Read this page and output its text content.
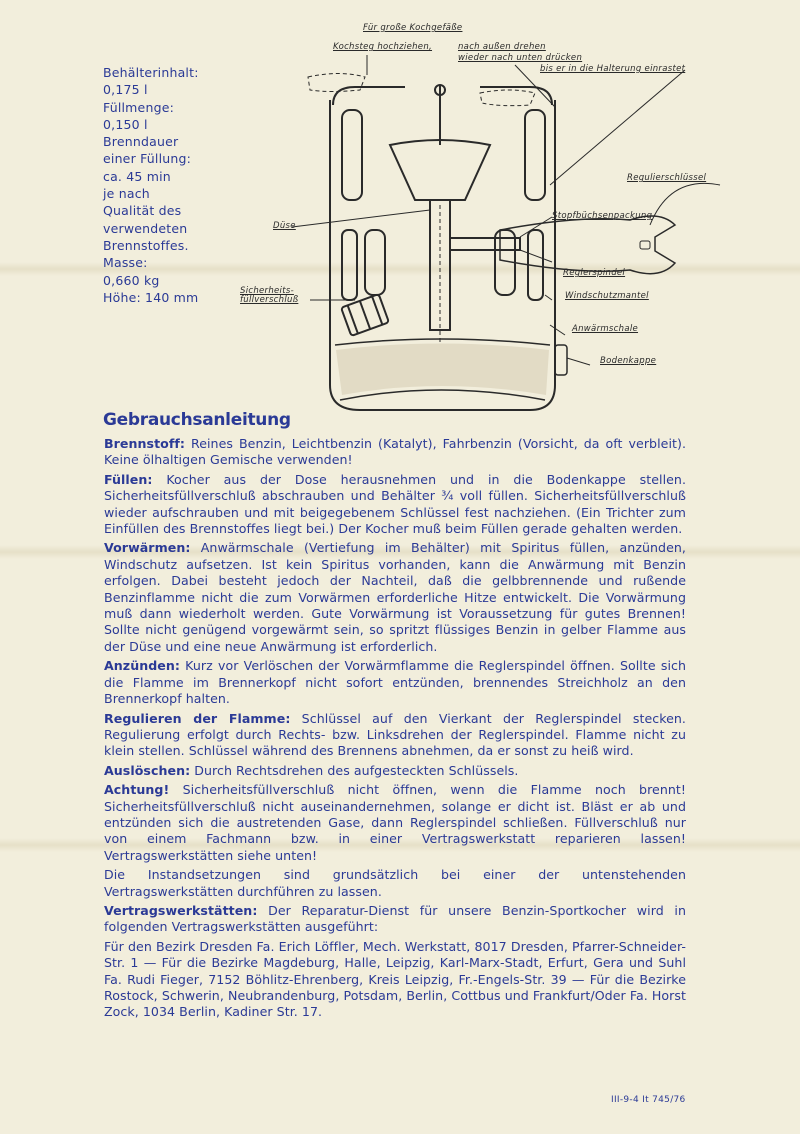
Behälterinhalt:
0,175 l
Füllmenge:
0,150 l
Brenndauer
einer Füllung:
ca. 45 min
je nach
Qualität des
verwendeten
Brennstoffes.
Masse:
0,660 kg
Höhe: 140 mm
Für große Kochgefäße
Kochsteg hochziehen,	nach außen drehen
wieder nach unten drücken
bis er in die Halterung einrastet
Regulierschlüssel
Stopfbüchsenpackung
Düse
Reglerspindel
Sicherheits-
füllverschluß	Windschutzmantel
Anwärmschale
Bodenkappe
Gebrauchsanleitung

Brennstoff: Reines Benzin, Leichtbenzin (Katalyt), Fahrbenzin (Vorsicht, da oft verbleit). Keine ölhaltigen Gemische verwenden!

Füllen: Kocher aus der Dose herausnehmen und in die Bodenkappe stellen. Sicherheitsfüllverschluß abschrauben und Behälter ¾ voll füllen. Sicherheitsfüllverschluß wieder aufschrauben und mit beigegebenem Schlüssel fest nachziehen. (Ein Trichter zum Einfüllen des Brennstoffes liegt bei.) Der Kocher muß beim Füllen gerade gehalten werden.

Vorwärmen: Anwärmschale (Vertiefung im Behälter) mit Spiritus füllen, anzünden, Windschutz aufsetzen. Ist kein Spiritus vorhanden, kann die Anwärmung mit Benzin erfolgen. Dabei besteht jedoch der Nachteil, daß die gelbbrennende und rußende Benzinflamme nicht die zum Vorwärmen erforderliche Hitze entwickelt. Die Vorwärmung muß dann wiederholt werden. Gute Vorwärmung ist Voraussetzung für gutes Brennen! Sollte nicht genügend vorgewärmt sein, so spritzt flüssiges Benzin in gelber Flamme aus der Düse und eine neue Anwärmung ist erforderlich.

Anzünden: Kurz vor Verlöschen der Vorwärmflamme die Reglerspindel öffnen. Sollte sich die Flamme im Brennerkopf nicht sofort entzünden, brennendes Streichholz an den Brennerkopf halten.

Regulieren der Flamme: Schlüssel auf den Vierkant der Reglerspindel stecken. Regulierung erfolgt durch Rechts- bzw. Linksdrehen der Reglerspindel. Flamme nicht zu klein stellen. Schlüssel während des Brennens abnehmen, da er sonst zu heiß wird.

Auslöschen: Durch Rechtsdrehen des aufgesteckten Schlüssels.

Achtung! Sicherheitsfüllverschluß nicht öffnen, wenn die Flamme noch brennt! Sicherheitsfüllverschluß nicht auseinandernehmen, solange er dicht ist. Bläst er ab und entzünden sich die austretenden Gase, dann Reglerspindel schließen. Füllverschluß nur von einem Fachmann bzw. in einer Vertragswerkstatt reparieren lassen! Vertragswerkstätten siehe unten!

Die Instandsetzungen sind grundsätzlich bei einer der untenstehenden Vertragswerkstätten durchführen zu lassen.

Vertragswerkstätten: Der Reparatur-Dienst für unsere Benzin-Sportkocher wird in folgenden Vertragswerkstätten ausgeführt:

Für den Bezirk Dresden Fa. Erich Löffler, Mech. Werkstatt, 8017 Dresden, Pfarrer-Schneider-Str. 1 — Für die Bezirke Magdeburg, Halle, Leipzig, Karl-Marx-Stadt, Erfurt, Gera und Suhl Fa. Rudi Fieger, 7152 Böhlitz-Ehrenberg, Kreis Leipzig, Fr.-Engels-Str. 39 — Für die Bezirke Rostock, Schwerin, Neubrandenburg, Potsdam, Berlin, Cottbus und Frankfurt/Oder Fa. Horst Zock, 1034 Berlin, Kadiner Str. 17.

III-9-4 It 745/76
